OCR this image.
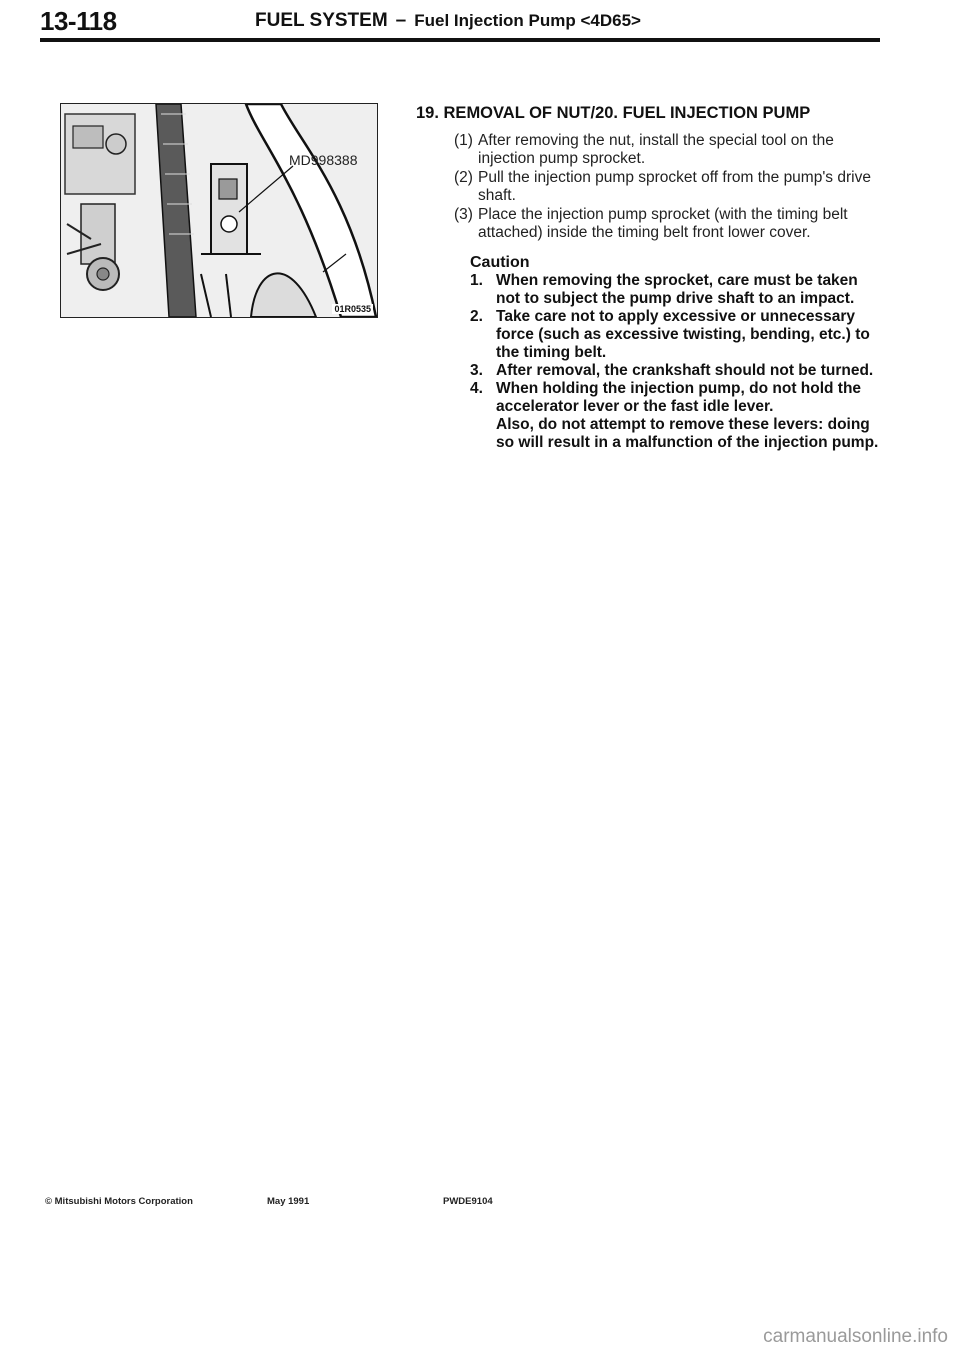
13-118	FUEL SYSTEM – Fuel Injection Pump <4D65>
MD998388
01R0535
19. REMOVAL OF NUT/20. FUEL INJECTION PUMP
(1) After removing the nut, install the special tool on the injection pump sprocket.
(2) Pull the injection pump sprocket off from the pump's drive shaft.
(3) Place the injection pump sprocket (with the timing belt attached) inside the timing belt front lower cover.
Caution
1. When removing the sprocket, care must be taken not to subject the pump drive shaft to an impact.
2. Take care not to apply excessive or unnecessary force (such as excessive twisting, bending, etc.) to the timing belt.
3. After removal, the crankshaft should not be turned.
4. When holding the injection pump, do not hold the accelerator lever or the fast idle lever.
Also, do not attempt to remove these levers: doing so will result in a malfunction of the injection pump.
© Mitsubishi Motors Corporation	May 1991	PWDE9104
carmanualsonline.info
